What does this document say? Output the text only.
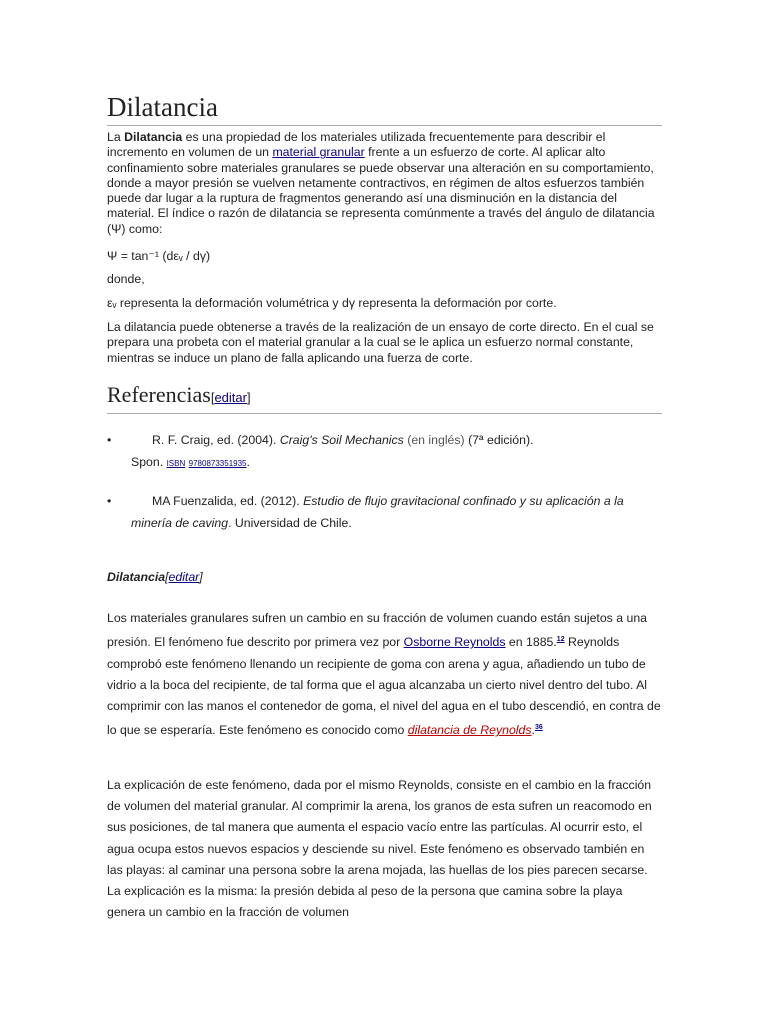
Dilatancia

La Dilatancia es una propiedad de los materiales utilizada frecuentemente para describir el incremento en volumen de un material granular frente a un esfuerzo de corte. Al aplicar alto confinamiento sobre materiales granulares se puede observar una alteración en su comportamiento, donde a mayor presión se vuelven netamente contractivos, en régimen de altos esfuerzos también puede dar lugar a la ruptura de fragmentos generando así una disminución en la distancia del material. El índice o razón de dilatancia se representa comúnmente a través del ángulo de dilatancia (Ψ) como:

Ψ = tan⁻¹ (dεᵥ / dγ)

donde,

εᵥ representa la deformación volumétrica y dγ representa la deformación por corte.

La dilatancia puede obtenerse a través de la realización de un ensayo de corte directo. En el cual se prepara una probeta con el material granular a la cual se le aplica un esfuerzo normal constante, mientras se induce un plano de falla aplicando una fuerza de corte.

Referencias[editar]
•	R. F. Craig, ed. (2004). Craig's Soil Mechanics (en inglés) (7ª edición).
Spon. ISBN 9780873351935.
•	MA Fuenzalida, ed. (2012). Estudio de flujo gravitacional confinado y su aplicación a la
minería de caving. Universidad de Chile.
Dilatancia[editar]

Los materiales granulares sufren un cambio en su fracción de volumen cuando están sujetos a una presión. El fenómeno fue descrito por primera vez por Osborne Reynolds en 1885.12 Reynolds comprobó este fenómeno llenando un recipiente de goma con arena y agua, añadiendo un tubo de vidrio a la boca del recipiente, de tal forma que el agua alcanzaba un cierto nivel dentro del tubo. Al comprimir con las manos el contenedor de goma, el nivel del agua en el tubo descendió, en contra de lo que se esperaría. Este fenómeno es conocido como dilatancia de Reynolds.$^{36}$

La explicación de este fenómeno, dada por el mismo Reynolds, consiste en el cambio en la fracción de volumen del material granular. Al comprimir la arena, los granos de esta sufren un reacomodo en sus posiciones, de tal manera que aumenta el espacio vacío entre las partículas. Al ocurrir esto, el agua ocupa estos nuevos espacios y desciende su nivel. Este fenómeno es observado también en las playas: al caminar una persona sobre la arena mojada, las huellas de los pies parecen secarse. La explicación es la misma: la presión debida al peso de la persona que camina sobre la playa genera un cambio en la fracción de volumen
